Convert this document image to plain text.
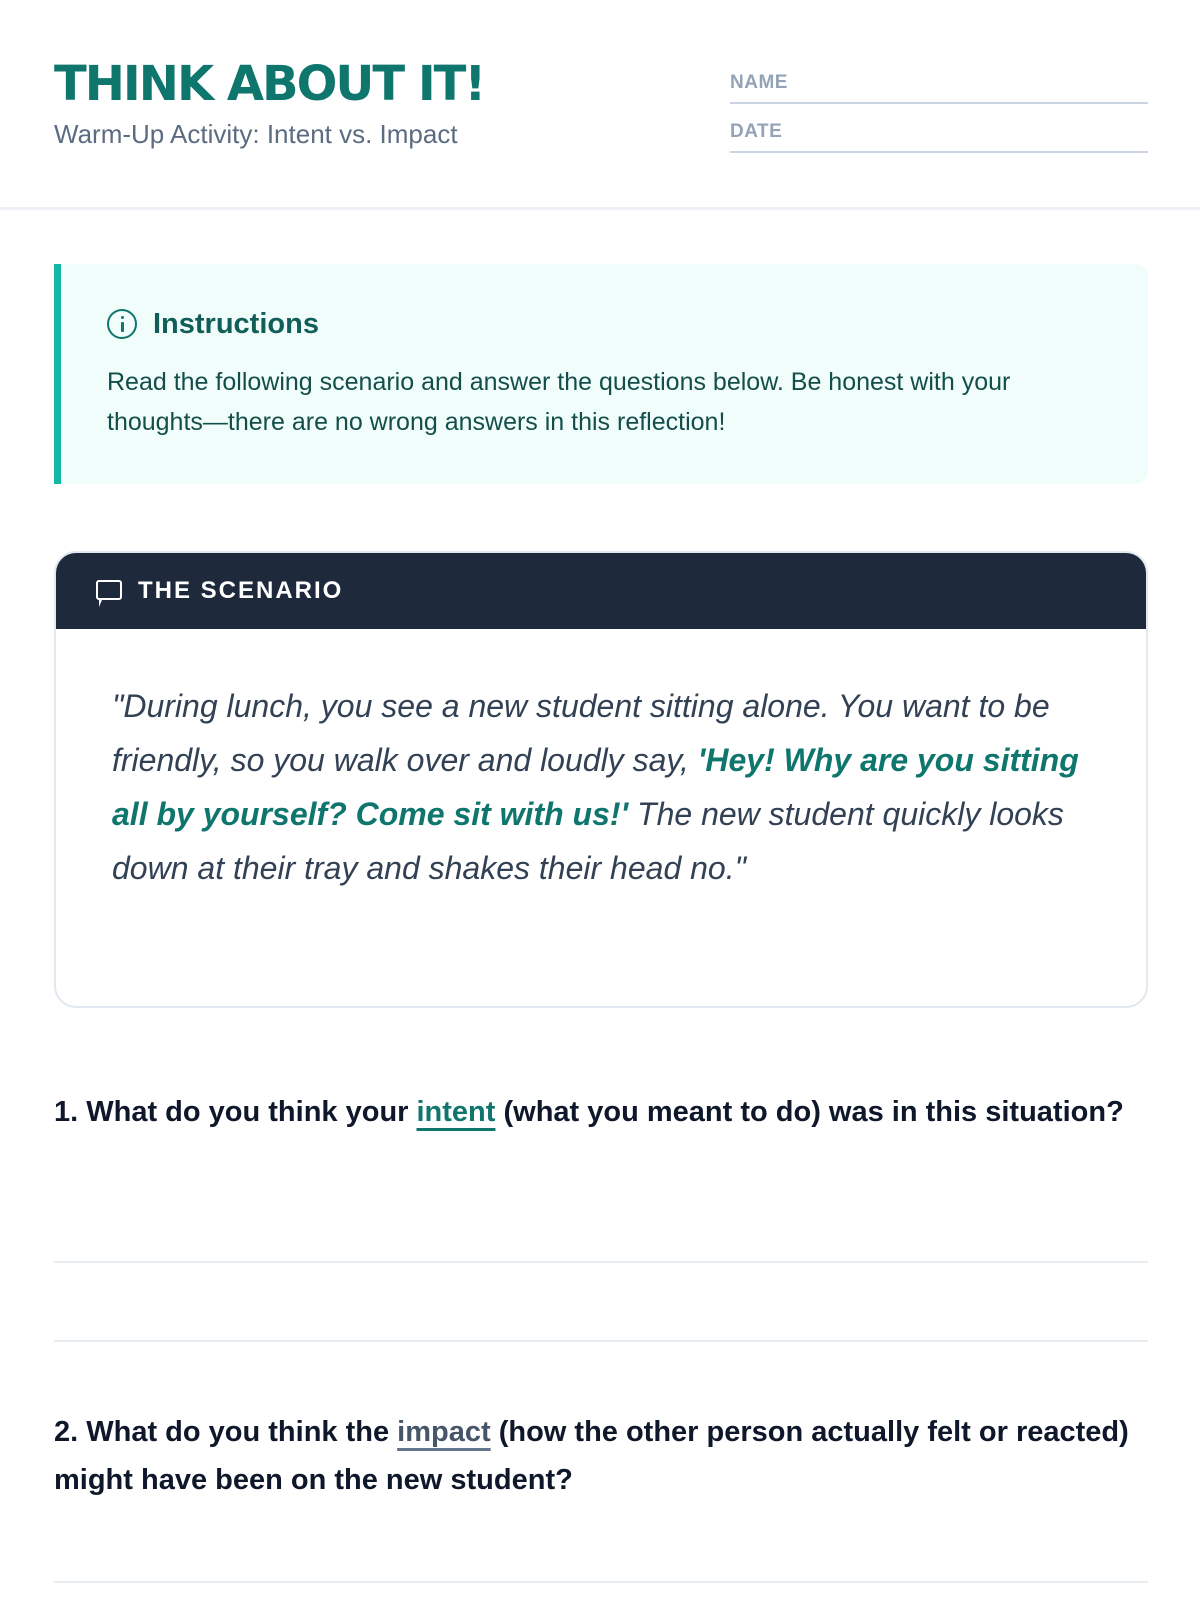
THINK ABOUT IT!
Warm-Up Activity: Intent vs. Impact
NAME
DATE
Instructions
Read the following scenario and answer the questions below. Be honest with your thoughts—there are no wrong answers in this reflection!
THE SCENARIO
"During lunch, you see a new student sitting alone. You want to be friendly, so you walk over and loudly say, 'Hey! Why are you sitting all by yourself? Come sit with us!' The new student quickly looks down at their tray and shakes their head no."
1. What do you think your intent (what you meant to do) was in this situation?
2. What do you think the impact (how the other person actually felt or reacted) might have been on the new student?
